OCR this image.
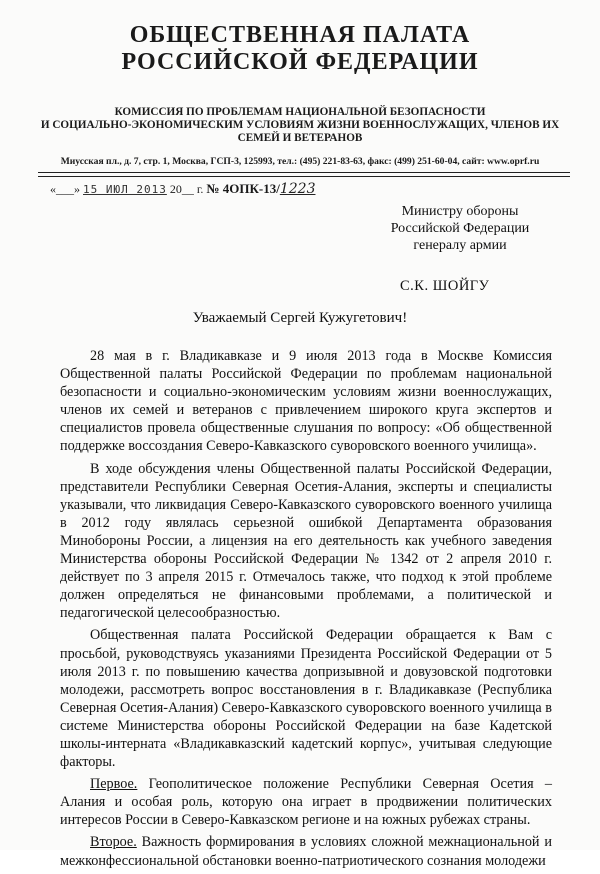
ОБЩЕСТВЕННАЯ ПАЛАТА
РОССИЙСКОЙ ФЕДЕРАЦИИ
КОМИССИЯ ПО ПРОБЛЕМАМ НАЦИОНАЛЬНОЙ БЕЗОПАСНОСТИ
И СОЦИАЛЬНО-ЭКОНОМИЧЕСКИМ УСЛОВИЯМ ЖИЗНИ ВОЕННОСЛУЖАЩИХ, ЧЛЕНОВ ИХ
СЕМЕЙ И ВЕТЕРАНОВ
Миусская пл., д. 7, стр. 1, Москва, ГСП-3, 125993, тел.: (495) 221-83-63, факс: (499) 251-60-04, сайт: www.oprf.ru
«___» 15 ИЮЛ 2013 20__ г. № 4ОПК-13/1223
Министру обороны
Российской Федерации
генералу армии
С.К. ШОЙГУ
Уважаемый Сергей Кужугетович!

28 мая в г. Владикавказе и 9 июля 2013 года в Москве Комиссия Общественной палаты Российской Федерации по проблемам национальной безопасности и социально-экономическим условиям жизни военнослужащих, членов их семей и ветеранов с привлечением широкого круга экспертов и специалистов провела общественные слушания по вопросу: «Об общественной поддержке воссоздания Северо-Кавказского суворовского военного училища».

В ходе обсуждения члены Общественной палаты Российской Федерации, представители Республики Северная Осетия-Алания, эксперты и специалисты указывали, что ликвидация Северо-Кавказского суворовского военного училища в 2012 году являлась серьезной ошибкой Департамента образования Минобороны России, а лицензия на его деятельность как учебного заведения Министерства обороны Российской Федерации № 1342 от 2 апреля 2010 г. действует по 3 апреля 2015 г. Отмечалось также, что подход к этой проблеме должен определяться не финансовыми проблемами, а политической и педагогической целесообразностью.

Общественная палата Российской Федерации обращается к Вам с просьбой, руководствуясь указаниями Президента Российской Федерации от 5 июля 2013 г. по повышению качества допризывной и довузовской подготовки молодежи, рассмотреть вопрос восстановления в г. Владикавказе (Республика Северная Осетия-Алания) Северо-Кавказского суворовского военного училища в системе Министерства обороны Российской Федерации на базе Кадетской школы-интерната «Владикавказский кадетский корпус», учитывая следующие факторы.

Первое. Геополитическое положение Республики Северная Осетия – Алания и особая роль, которую она играет в продвижении политических интересов России в Северо-Кавказском регионе и на южных рубежах страны.

Второе. Важность формирования в условиях сложной межнациональной и межконфессиональной обстановки военно-патриотического сознания молодежи
